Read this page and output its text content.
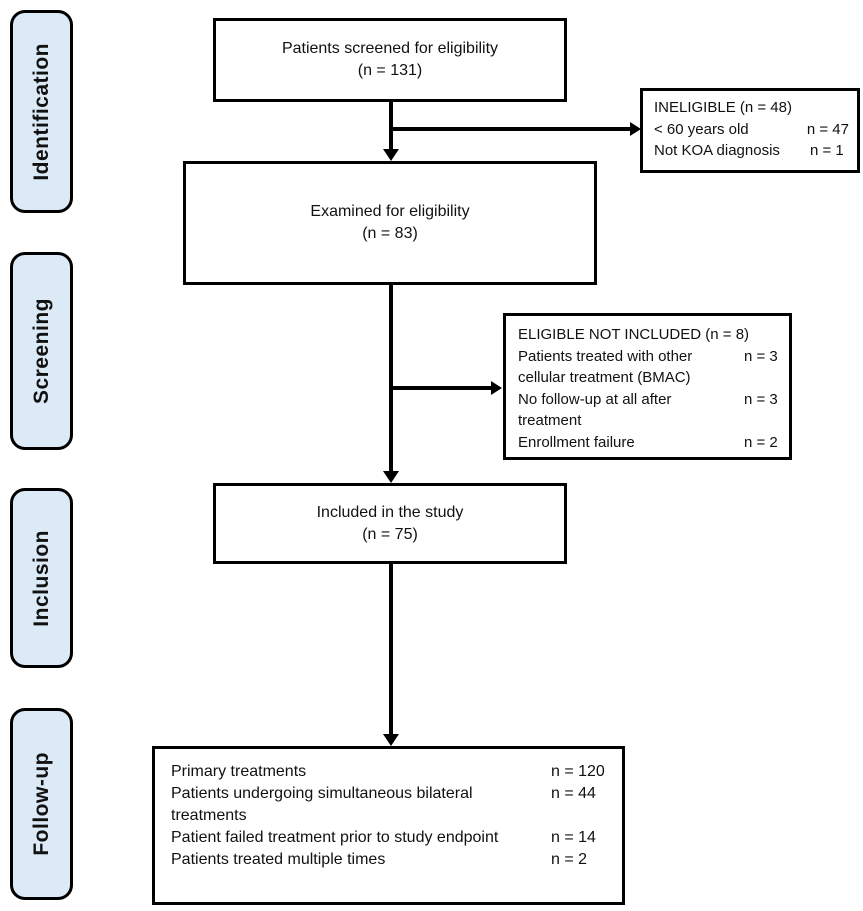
Identification
Screening
Inclusion
Follow-up
Patients screened for eligibility
(n = 131)
INELIGIBLE (n = 48)
< 60 years old	n = 47
Not KOA diagnosis	n = 1
Examined for eligibility
(n = 83)
ELIGIBLE NOT INCLUDED (n = 8)
Patients treated with other cellular treatment (BMAC)
n = 3
No follow-up at all after treatment
n = 3
Enrollment failure	n = 2
Included in the study
(n = 75)
Primary treatments	n = 120
Patients undergoing simultaneous bilateral treatments
n = 44
Patient failed treatment prior to study endpoint	n = 14
Patients treated multiple times	n = 2
